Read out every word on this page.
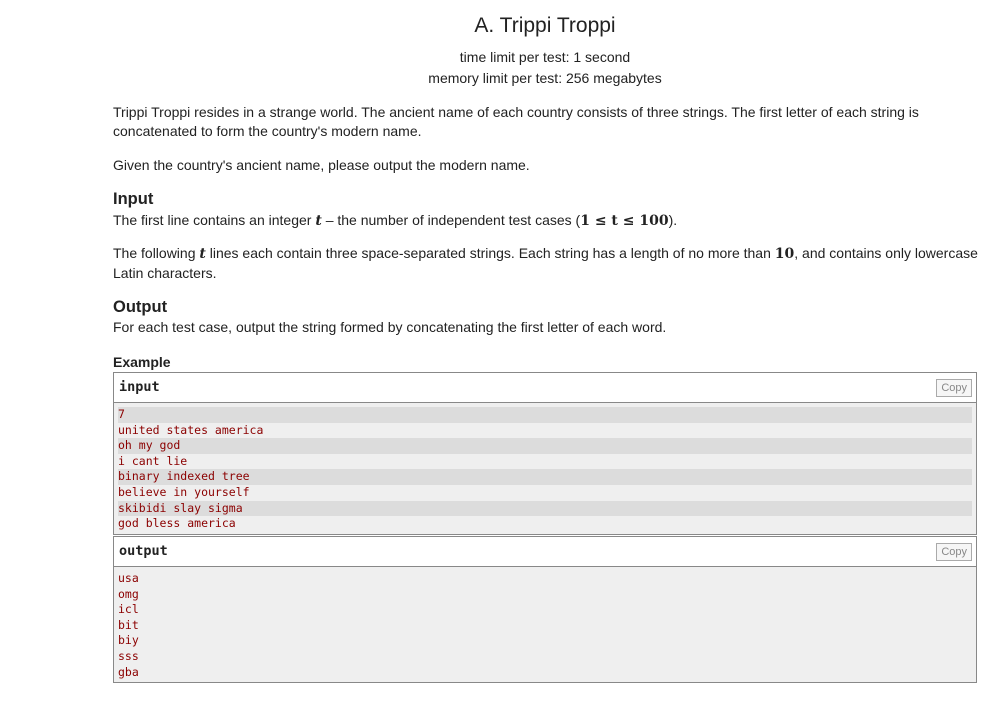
A. Trippi Troppi
time limit per test: 1 second
memory limit per test: 256 megabytes
Trippi Troppi resides in a strange world. The ancient name of each country consists of three strings. The first letter of each string is concatenated to form the country's modern name.
Given the country's ancient name, please output the modern name.
Input
The first line contains an integer t – the number of independent test cases (1 ≤ t ≤ 100).
The following t lines each contain three space-separated strings. Each string has a length of no more than 10, and contains only lowercase Latin characters.
Output
For each test case, output the string formed by concatenating the first letter of each word.
Example
input	Copy
7
united states america
oh my god
i cant lie
binary indexed tree
believe in yourself
skibidi slay sigma
god bless america
output	Copy
usa
omg
icl
bit
biy
sss
gba
